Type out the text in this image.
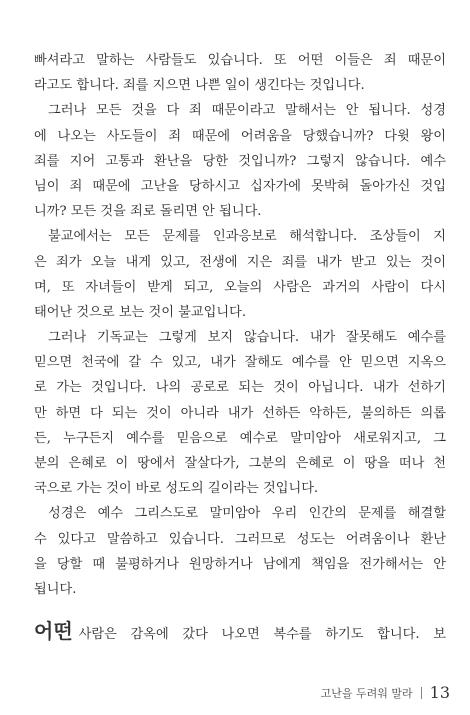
빠셔라고 말하는 사람들도 있습니다. 또 어떤 이들은 죄 때문이
라고도 합니다. 죄를 지으면 나쁜 일이 생긴다는 것입니다.
그러나 모든 것을 다 죄 때문이라고 말해서는 안 됩니다. 성경
에 나오는 사도들이 죄 때문에 어려움을 당했습니까? 다윗 왕이
죄를 지어 고통과 환난을 당한 것입니까? 그렇지 않습니다. 예수
님이 죄 때문에 고난을 당하시고 십자가에 못박혀 돌아가신 것입
니까? 모든 것을 죄로 돌리면 안 됩니다.
불교에서는 모든 문제를 인과응보로 해석합니다. 조상들이 지
은 죄가 오늘 내게 있고, 전생에 지은 죄를 내가 받고 있는 것이
며, 또 자녀들이 받게 되고, 오늘의 사람은 과거의 사람이 다시
태어난 것으로 보는 것이 불교입니다.
그러나 기독교는 그렇게 보지 않습니다. 내가 잘못해도 예수를
믿으면 천국에 갈 수 있고, 내가 잘해도 예수를 안 믿으면 지옥으
로 가는 것입니다. 나의 공로로 되는 것이 아닙니다. 내가 선하기
만 하면 다 되는 것이 아니라 내가 선하든 악하든, 불의하든 의롭
든, 누구든지 예수를 믿음으로 예수로 말미암아 새로워지고, 그
분의 은혜로 이 땅에서 잘살다가, 그분의 은혜로 이 땅을 떠나 천
국으로 가는 것이 바로 성도의 길이라는 것입니다.
성경은 예수 그리스도로 말미암아 우리 인간의 문제를 해결할
수 있다고 말씀하고 있습니다. 그러므로 성도는 어려움이나 환난
을 당할 때 불평하거나 원망하거나 남에게 책임을 전가해서는 안
됩니다.
어떤 사람은 감옥에 갔다 나오면 복수를 하기도 합니다. 보
고난을 두려워 말라 13
